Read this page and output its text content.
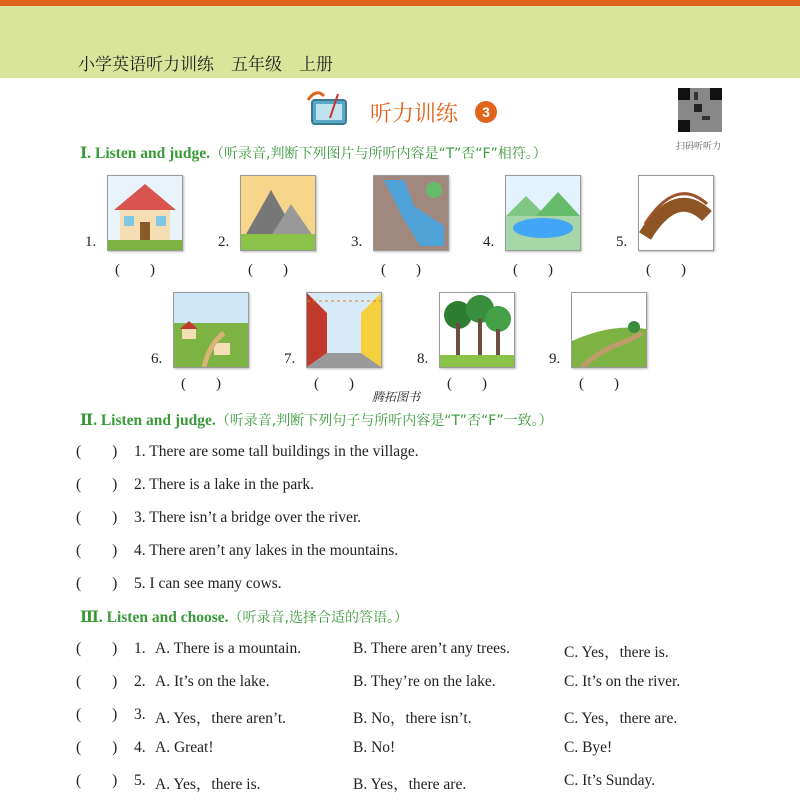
小学英语听力训练　五年级　上册
听力训练	3
扫码听听力
Ⅰ. Listen and judge.（听录音,判断下列图片与所听内容是“T”否“F”相符。）
1.
(　　)
2.
(　　)
3.
(　　)
4.
(　　)
5.
(　　)
6.
(　　)
7.
(　　)
8.
(　　)
9.
(　　)
腾拓图书
Ⅱ. Listen and judge.（听录音,判断下列句子与所听内容是“T”否“F”一致。）
(        ) 1. There are some tall buildings in the village.
(        ) 2. There is a lake in the park.
(        ) 3. There isn’t a bridge over the river.
(        ) 4. There aren’t any lakes in the mountains.
(        ) 5. I can see many cows.
Ⅲ. Listen and choose.（听录音,选择合适的答语。）
(        ) 1. A. There is a mountain.	B. There aren’t any trees.	C. Yes，there is.
(        ) 2. A. It’s on the lake.	B. They’re on the lake.	C. It’s on the river.
(        ) 3. A. Yes，there aren’t.	B. No，there isn’t.	C. Yes，there are.
(        ) 4. A. Great!	B. No!	C. Bye!
(        ) 5. A. Yes，there is.	B. Yes，there are.	C. It’s Sunday.
